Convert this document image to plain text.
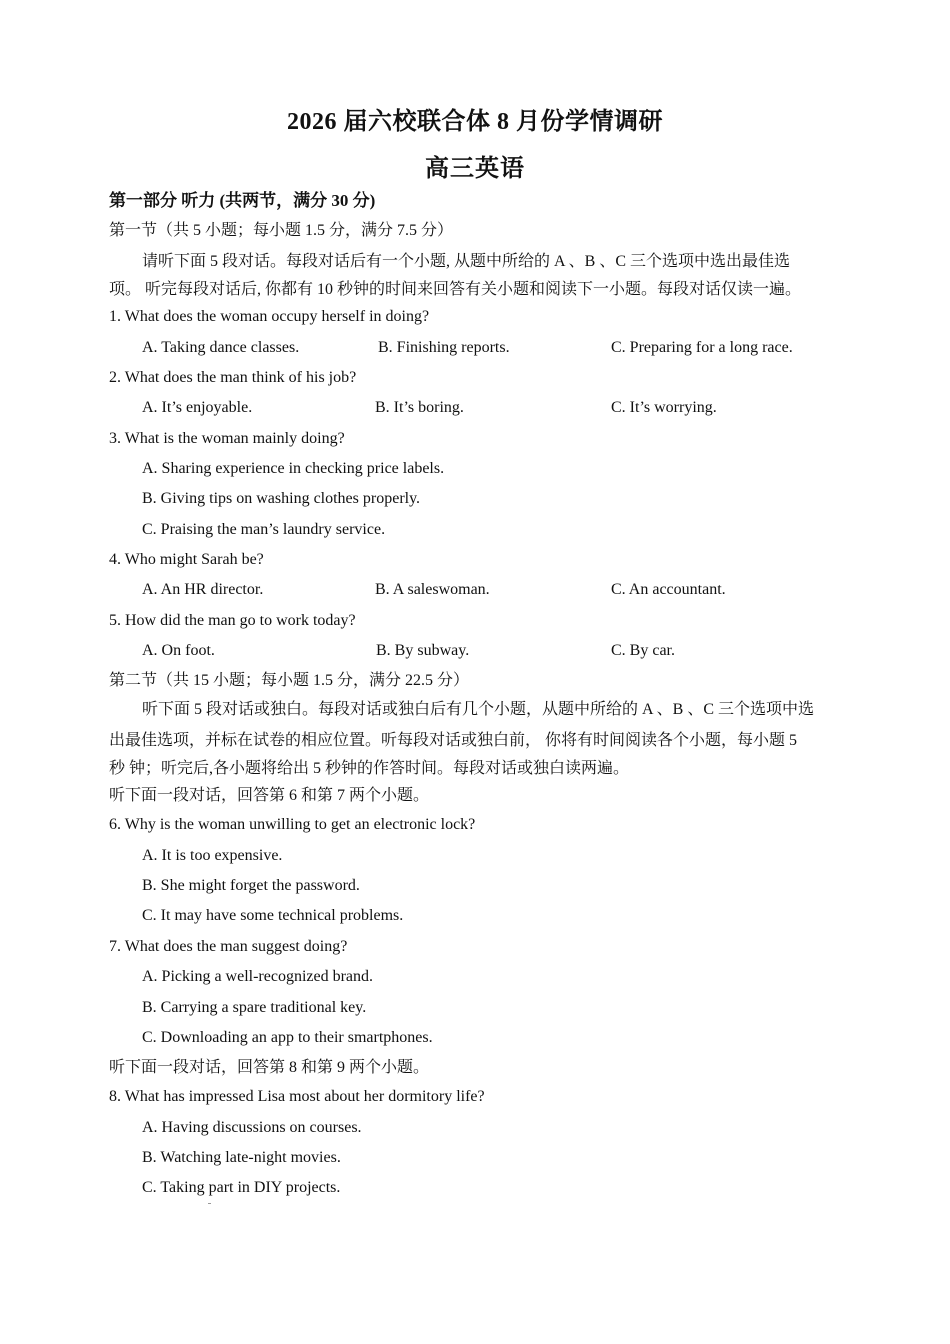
2026 届六校联合体 8 月份学情调研
高三英语
第一部分 听力 (共两节，满分 30 分)
第一节（共 5 小题；每小题 1.5 分，满分 7.5 分）
请听下面 5 段对话。每段对话后有一个小题, 从题中所给的 A 、B 、C 三个选项中选出最佳选
项。 听完每段对话后, 你都有 10 秒钟的时间来回答有关小题和阅读下一小题。每段对话仅读一遍。
1. What does the woman occupy herself in doing?
A. Taking dance classes.	B. Finishing reports.	C. Preparing for a long race.
2. What does the man think of his job?
A. It’s enjoyable.	B. It’s boring.	C. It’s worrying.
3. What is the woman mainly doing?
A. Sharing experience in checking price labels.
B. Giving tips on washing clothes properly.
C. Praising the man’s laundry service.
4. Who might Sarah be?
A. An HR director.	B. A saleswoman.	C. An accountant.
5. How did the man go to work today?
A. On foot.	B. By subway.	C. By car.
第二节（共 15 小题；每小题 1.5 分，满分 22.5 分）
听下面 5 段对话或独白。每段对话或独白后有几个小题，从题中所给的 A 、B 、C 三个选项中选
出最佳选项，并标在试卷的相应位置。听每段对话或独白前， 你将有时间阅读各个小题，每小题 5
秒 钟；听完后,各小题将给出 5 秒钟的作答时间。每段对话或独白读两遍。
听下面一段对话，回答第 6 和第 7 两个小题。
6. Why is the woman unwilling to get an electronic lock?
A. It is too expensive.
B. She might forget the password.
C. It may have some technical problems.
7. What does the man suggest doing?
A. Picking a well-recognized brand.
B. Carrying a spare traditional key.
C. Downloading an app to their smartphones.
听下面一段对话，回答第 8 和第 9 两个小题。
8. What has impressed Lisa most about her dormitory life?
A. Having discussions on courses.
B. Watching late-night movies.
C. Taking part in DIY projects.
